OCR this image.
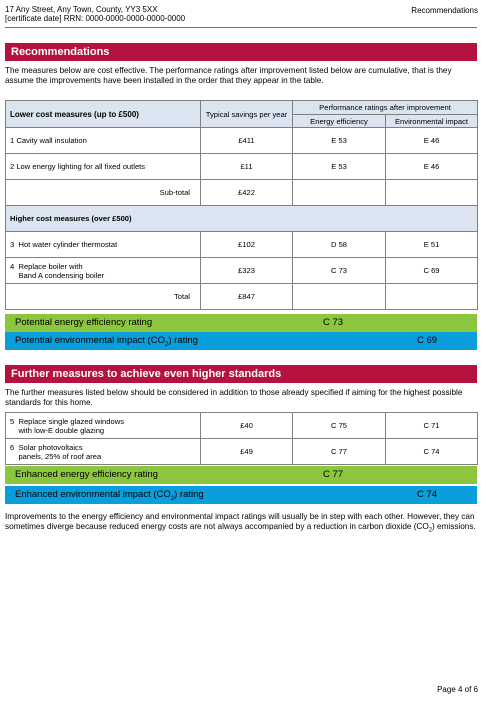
17 Any Street, Any Town, County, YY3 5XX
[certificate date] RRN: 0000-0000-0000-0000-0000
Recommendations
Recommendations
The measures below are cost effective. The performance ratings after improvement listed below are cumulative, that is they assume the improvements have been installed in the order that they appear in the table.
Lower cost measures (up to £500)	Typical savings per year	Performance ratings after improvement	
		Energy efficiency	Environmental impact
1 Cavity wall insulation	£411	E 53	E 46
2 Low energy lighting for all fixed outlets	£11	E 53	E 46
Sub-total	£422		
Higher cost measures (over £500)			
3 Hot water cylinder thermostat	£102	D 58	E 51
4 Replace boiler with
Band A condensing boiler	£323	C 73	C 69
Total	£847		
Potential energy efficiency rating	C 73
Potential environmental impact $(CO_2)$ rating	C 69
Further measures to achieve even higher standards
The further measures listed below should be considered in addition to those already specified if aiming for the highest possible standards for this home.
5 Replace single glazed windows
with low-E double glazing	£40	C 75	C 71
6 Solar photovoltaics
panels, 25% of roof area	£49	C 77	C 74
Enhanced energy efficiency rating	C 77
Enhanced environmental impact $(CO_2)$ rating	C 74
Improvements to the energy efficiency and environmental impact ratings will usually be in step with each other. However, they can sometimes diverge because reduced energy costs are not always accompanied by a reduction in carbon dioxide $(CO_2)$ emissions.
Page 4 of 6
